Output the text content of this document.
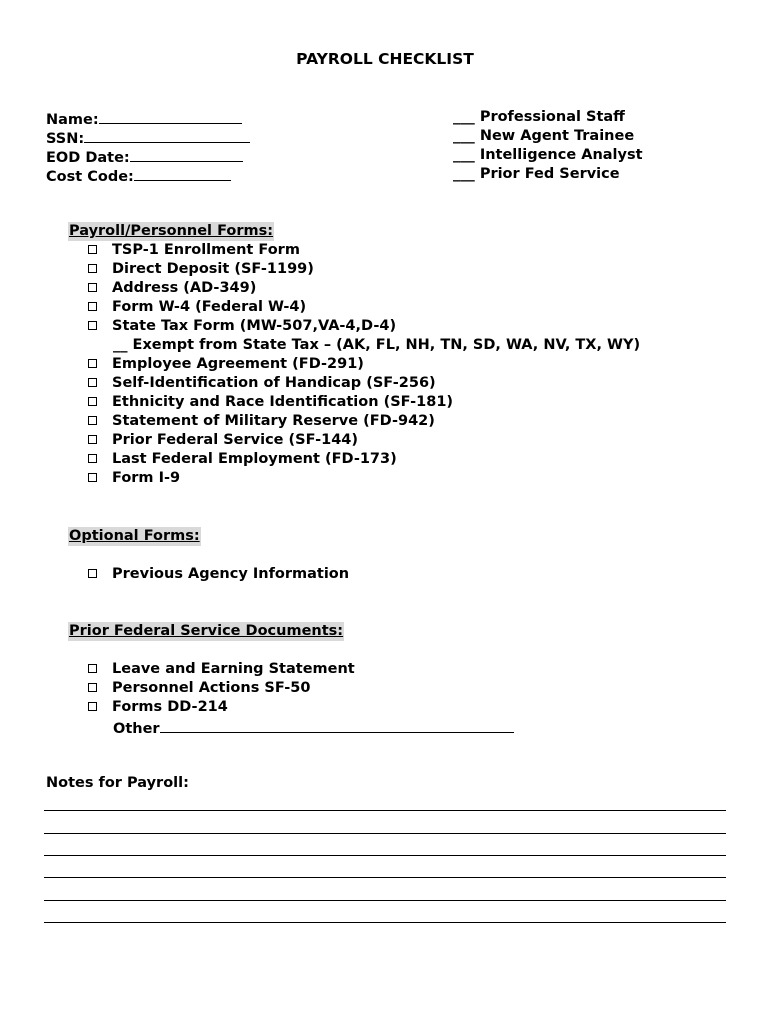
PAYROLL CHECKLIST
Name:
SSN:
EOD Date:
Cost Code:
___ Professional Staff
___ New Agent Trainee
___ Intelligence Analyst
___ Prior Fed Service
Payroll/Personnel Forms:
TSP-1 Enrollment Form
Direct Deposit (SF-1199)
Address (AD-349)
Form W-4 (Federal W-4)
State Tax Form (MW-507,VA-4,D-4)
__ Exempt from State Tax – (AK, FL, NH, TN, SD, WA, NV, TX, WY)
Employee Agreement (FD-291)
Self-Identification of Handicap (SF-256)
Ethnicity and Race Identification (SF-181)
Statement of Military Reserve (FD-942)
Prior Federal Service (SF-144)
Last Federal Employment (FD-173)
Form I-9
Optional Forms:
Previous Agency Information
Prior Federal Service Documents:
Leave and Earning Statement
Personnel Actions SF-50
Forms DD-214
Other
Notes for Payroll:
